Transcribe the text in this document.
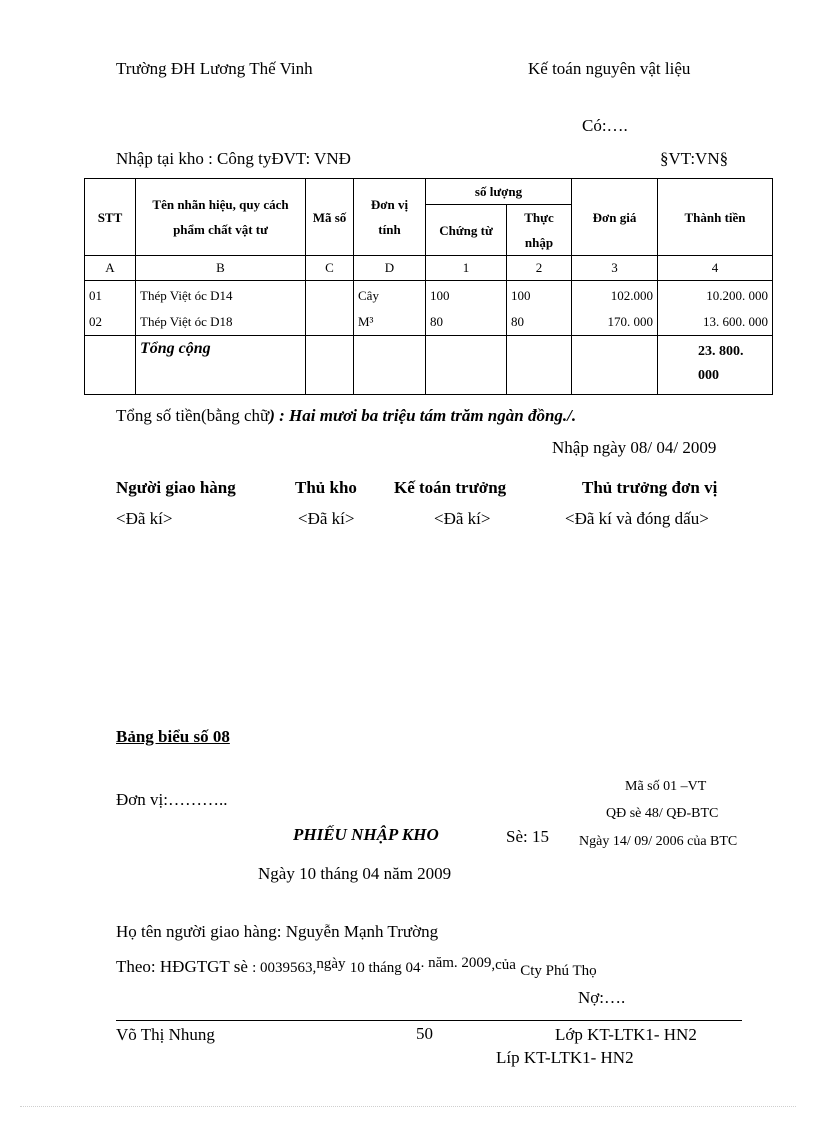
Trường ĐH Lương Thế Vinh	Kế toán nguyên vật liệu
Có:….
Nhập tại kho : Công tyĐVT: VNĐ	§VT:VN§
STT	Tên nhãn hiệu, quy cách phẩm chất vật tư	Mã số	Đơn vị tính	số lượng		Đơn giá	Thành tiền
				Chứng từ	Thực nhập		
A	B	C	D	1	2	3	4
01	Thép Việt óc D14		Cây	100	100	102.000	10.200. 000
02	Thép Việt óc D18		M³	80	80	170. 000	13. 600. 000
	Tổng cộng						23. 800. 000
Tổng số tiền(bằng chữ) : Hai mươi ba triệu tám trăm ngàn đồng./.
Nhập ngày 08/ 04/ 2009
Người giao hàng	Thủ kho Kế toán trưởng	Thủ trưởng đơn vị
<Đã kí>	<Đã kí>	<Đã kí>	<Đã kí và đóng dấu>
Bảng biểu số 08
Đơn vị:………..
Mã số 01 –VT
QĐ sè 48/ QĐ-BTC
Ngày 14/ 09/ 2006 của BTC
PHIẾU NHẬP KHO	Sè: 15
Ngày 10 tháng 04 năm 2009
Họ tên người giao hàng: Nguyễn Mạnh Trường
Theo: HĐGTGT sè : 0039563,ngày 10 tháng 04. năm. 2009,của Cty Phú Thọ
Nợ:….
Võ Thị Nhung	50	Lớp KT-LTK1- HN2
Líp KT-LTK1- HN2
